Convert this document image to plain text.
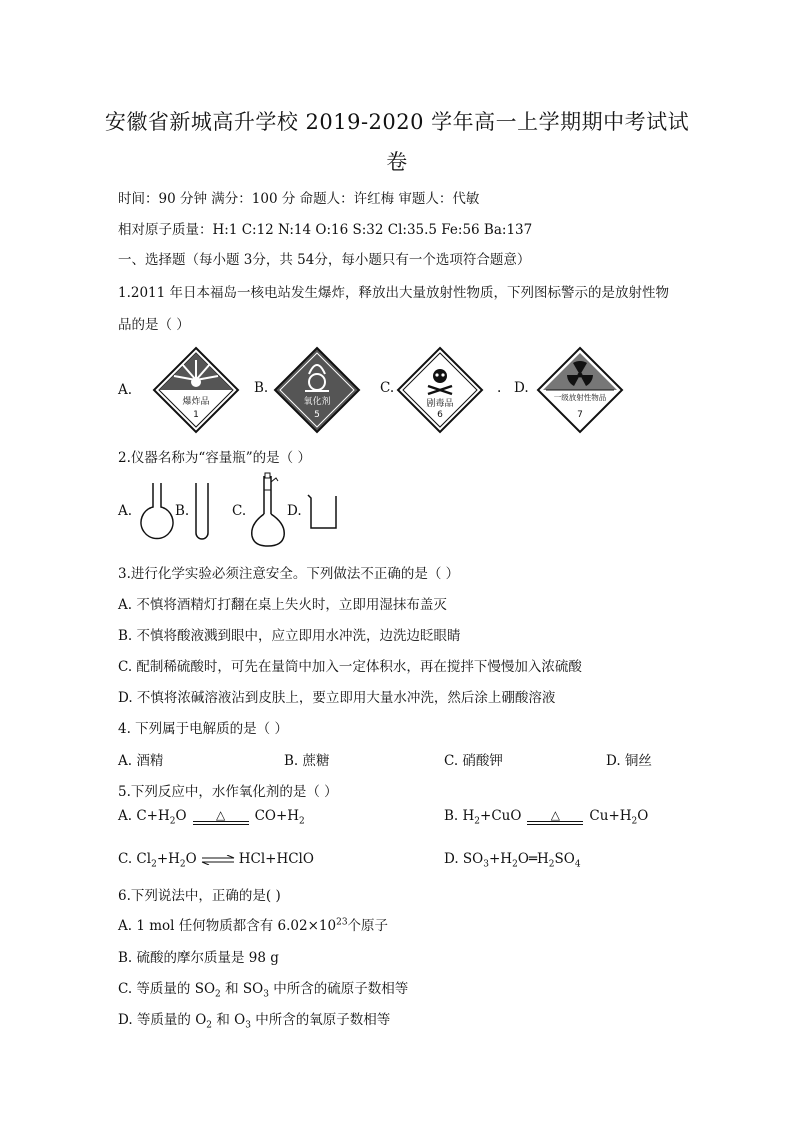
安徽省新城高升学校 2019-2020 学年高一上学期期中考试试
卷
时间：90 分钟 满分：100 分 命题人：许红梅 审题人：代敏
相对原子质量：H:1 C:12 N:14 O:16 S:32 Cl:35.5 Fe:56 Ba:137
一、选择题（每小题 3分，共 54分，每小题只有一个选项符合题意）
1.2011 年日本福岛一核电站发生爆炸，释放出大量放射性物质，下列图标警示的是放射性物
品的是（ ）
A.
爆炸品
1
B.
氧化剂
5
C.
剧毒品
6
. D.
一级放射性物品
7
2.仪器名称为“容量瓶”的是（ ）
A.	B.	C.	D.
3.进行化学实验必须注意安全。下列做法不正确的是（ ）
A. 不慎将酒精灯打翻在桌上失火时，立即用湿抹布盖灭
B. 不慎将酸液溅到眼中，应立即用水冲洗，边洗边眨眼睛
C. 配制稀硫酸时，可先在量筒中加入一定体积水，再在搅拌下慢慢加入浓硫酸
D. 不慎将浓碱溶液沾到皮肤上，要立即用大量水冲洗，然后涂上硼酸溶液
4. 下列属于电解质的是（ ）
A. 酒精	B. 蔗糖	C. 硝酸钾	D. 铜丝
5.下列反应中，水作氧化剂的是（ ）
A. $C+H_2O$ △ $CO+H_2$	B. $H_2+CuO$ △ $Cu+H_2O$
C. $Cl_2+H_2O$ ⇌ HCl+HClO	D. $SO_3+H_2O═H_2SO_4$
6.下列说法中，正确的是( )
A. 1 mol 任何物质都含有 $6.02\times 10^{23}$个原子
B. 硫酸的摩尔质量是 98 g
C. 等质量的 $SO_2$ 和 $SO_3$ 中所含的硫原子数相等
D. 等质量的 $O_2$ 和 $O_3$ 中所含的氧原子数相等
